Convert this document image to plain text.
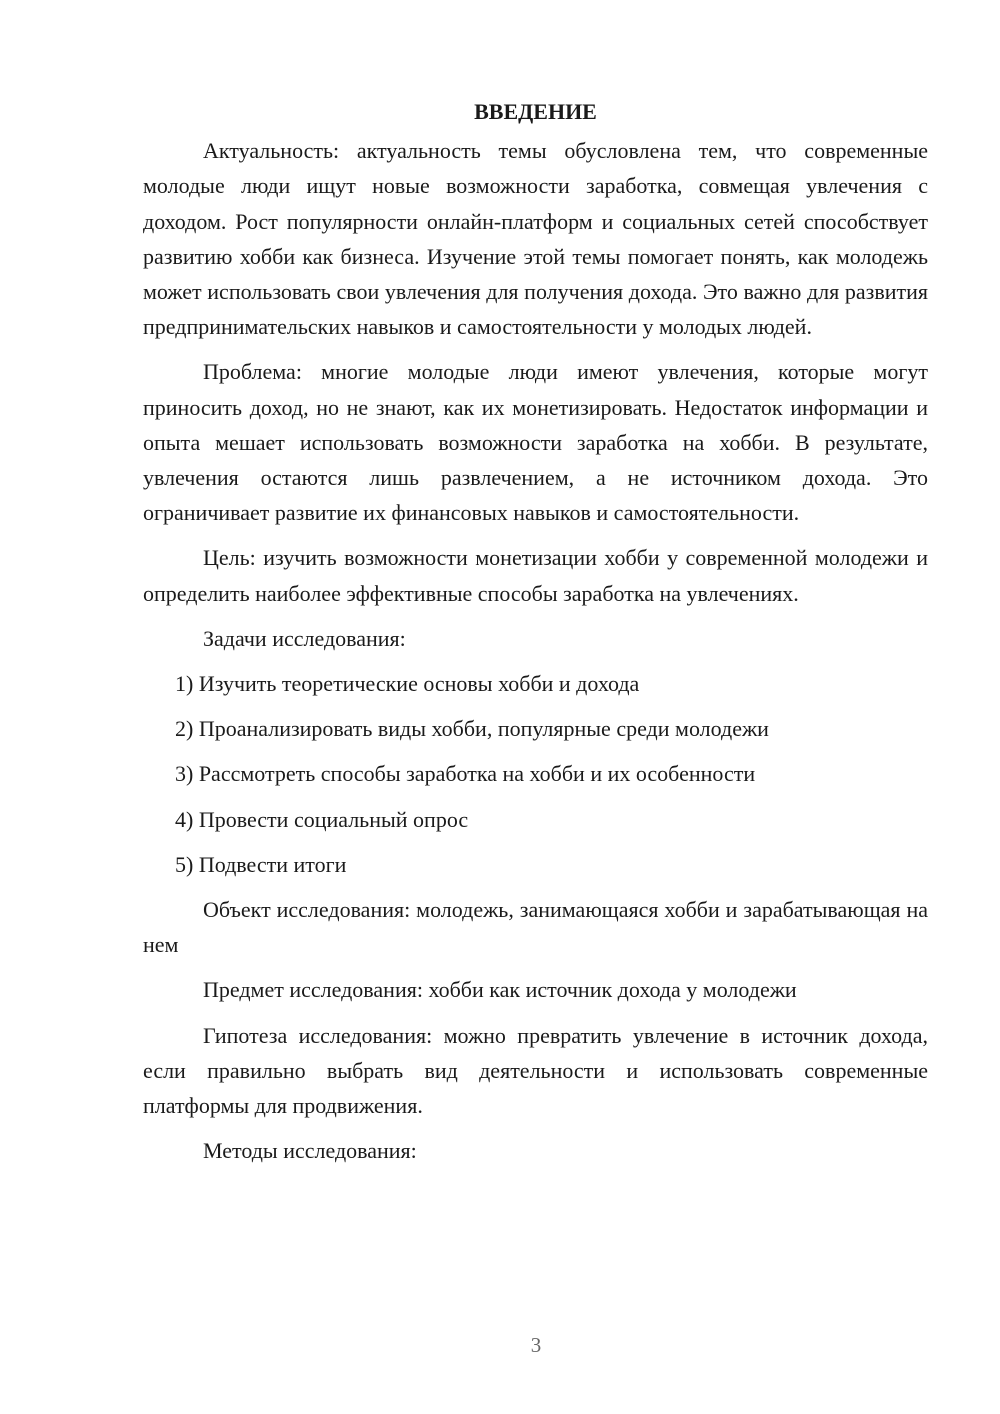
ВВЕДЕНИЕ

Актуальность: актуальность темы обусловлена тем, что современные молодые люди ищут новые возможности заработка, совмещая увлечения с доходом. Рост популярности онлайн-платформ и социальных сетей способствует развитию хобби как бизнеса. Изучение этой темы помогает понять, как молодежь может использовать свои увлечения для получения дохода. Это важно для развития предпринимательских навыков и самостоятельности у молодых людей.

Проблема: многие молодые люди имеют увлечения, которые могут приносить доход, но не знают, как их монетизировать. Недостаток информации и опыта мешает использовать возможности заработка на хобби. В результате, увлечения остаются лишь развлечением, а не источником дохода. Это ограничивает развитие их финансовых навыков и самостоятельности.

Цель: изучить возможности монетизации хобби у современной молодежи и определить наиболее эффективные способы заработка на увлечениях.

Задачи исследования:

1) Изучить теоретические основы хобби и дохода

2) Проанализировать виды хобби, популярные среди молодежи

3) Рассмотреть способы заработка на хобби и их особенности

4) Провести социальный опрос

5) Подвести итоги

Объект исследования: молодежь, занимающаяся хобби и зарабатывающая на нем

Предмет исследования: хобби как источник дохода у молодежи

Гипотеза исследования: можно превратить увлечение в источник дохода, если правильно выбрать вид деятельности и использовать современные платформы для продвижения.

Методы исследования:

3
